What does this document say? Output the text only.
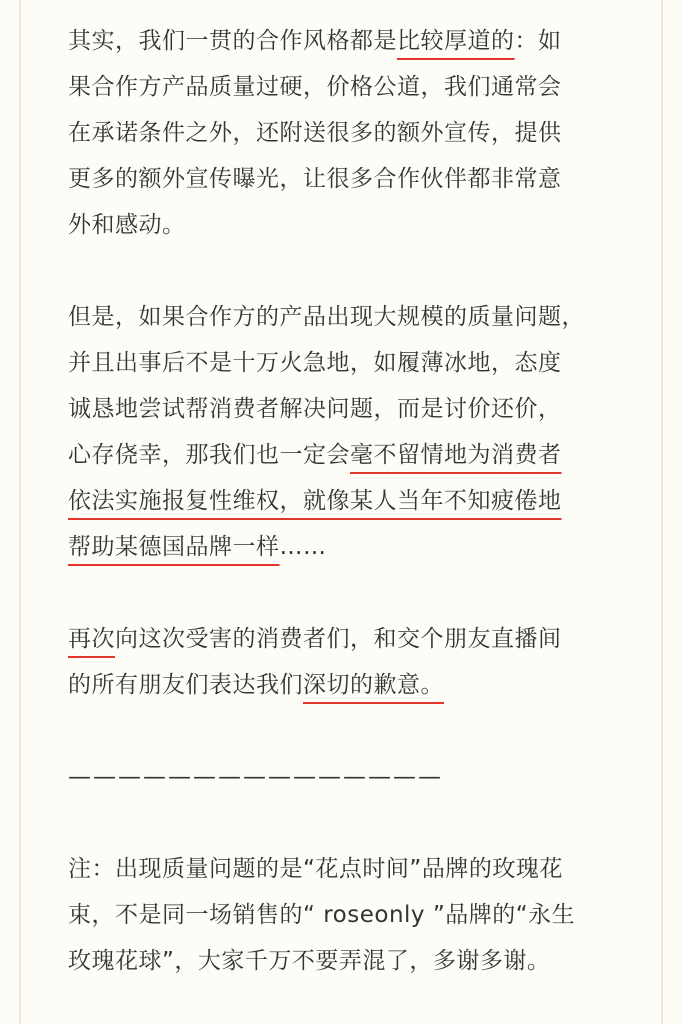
其实，我们一贯的合作风格都是比较厚道的：如
果合作方产品质量过硬，价格公道，我们通常会
在承诺条件之外，还附送很多的额外宣传，提供
更多的额外宣传曝光，让很多合作伙伴都非常意
外和感动。
但是，如果合作方的产品出现大规模的质量问题，
并且出事后不是十万火急地，如履薄冰地，态度
诚恳地尝试帮消费者解决问题，而是讨价还价，
心存侥幸，那我们也一定会毫不留情地为消费者
依法实施报复性维权，就像某人当年不知疲倦地
帮助某德国品牌一样……
再次向这次受害的消费者们，和交个朋友直播间
的所有朋友们表达我们深切的歉意。
———————————————
注：出现质量问题的是“花点时间”品牌的玫瑰花
束，不是同一场销售的“ roseonly ”品牌的“永生
玫瑰花球”，大家千万不要弄混了，多谢多谢。
